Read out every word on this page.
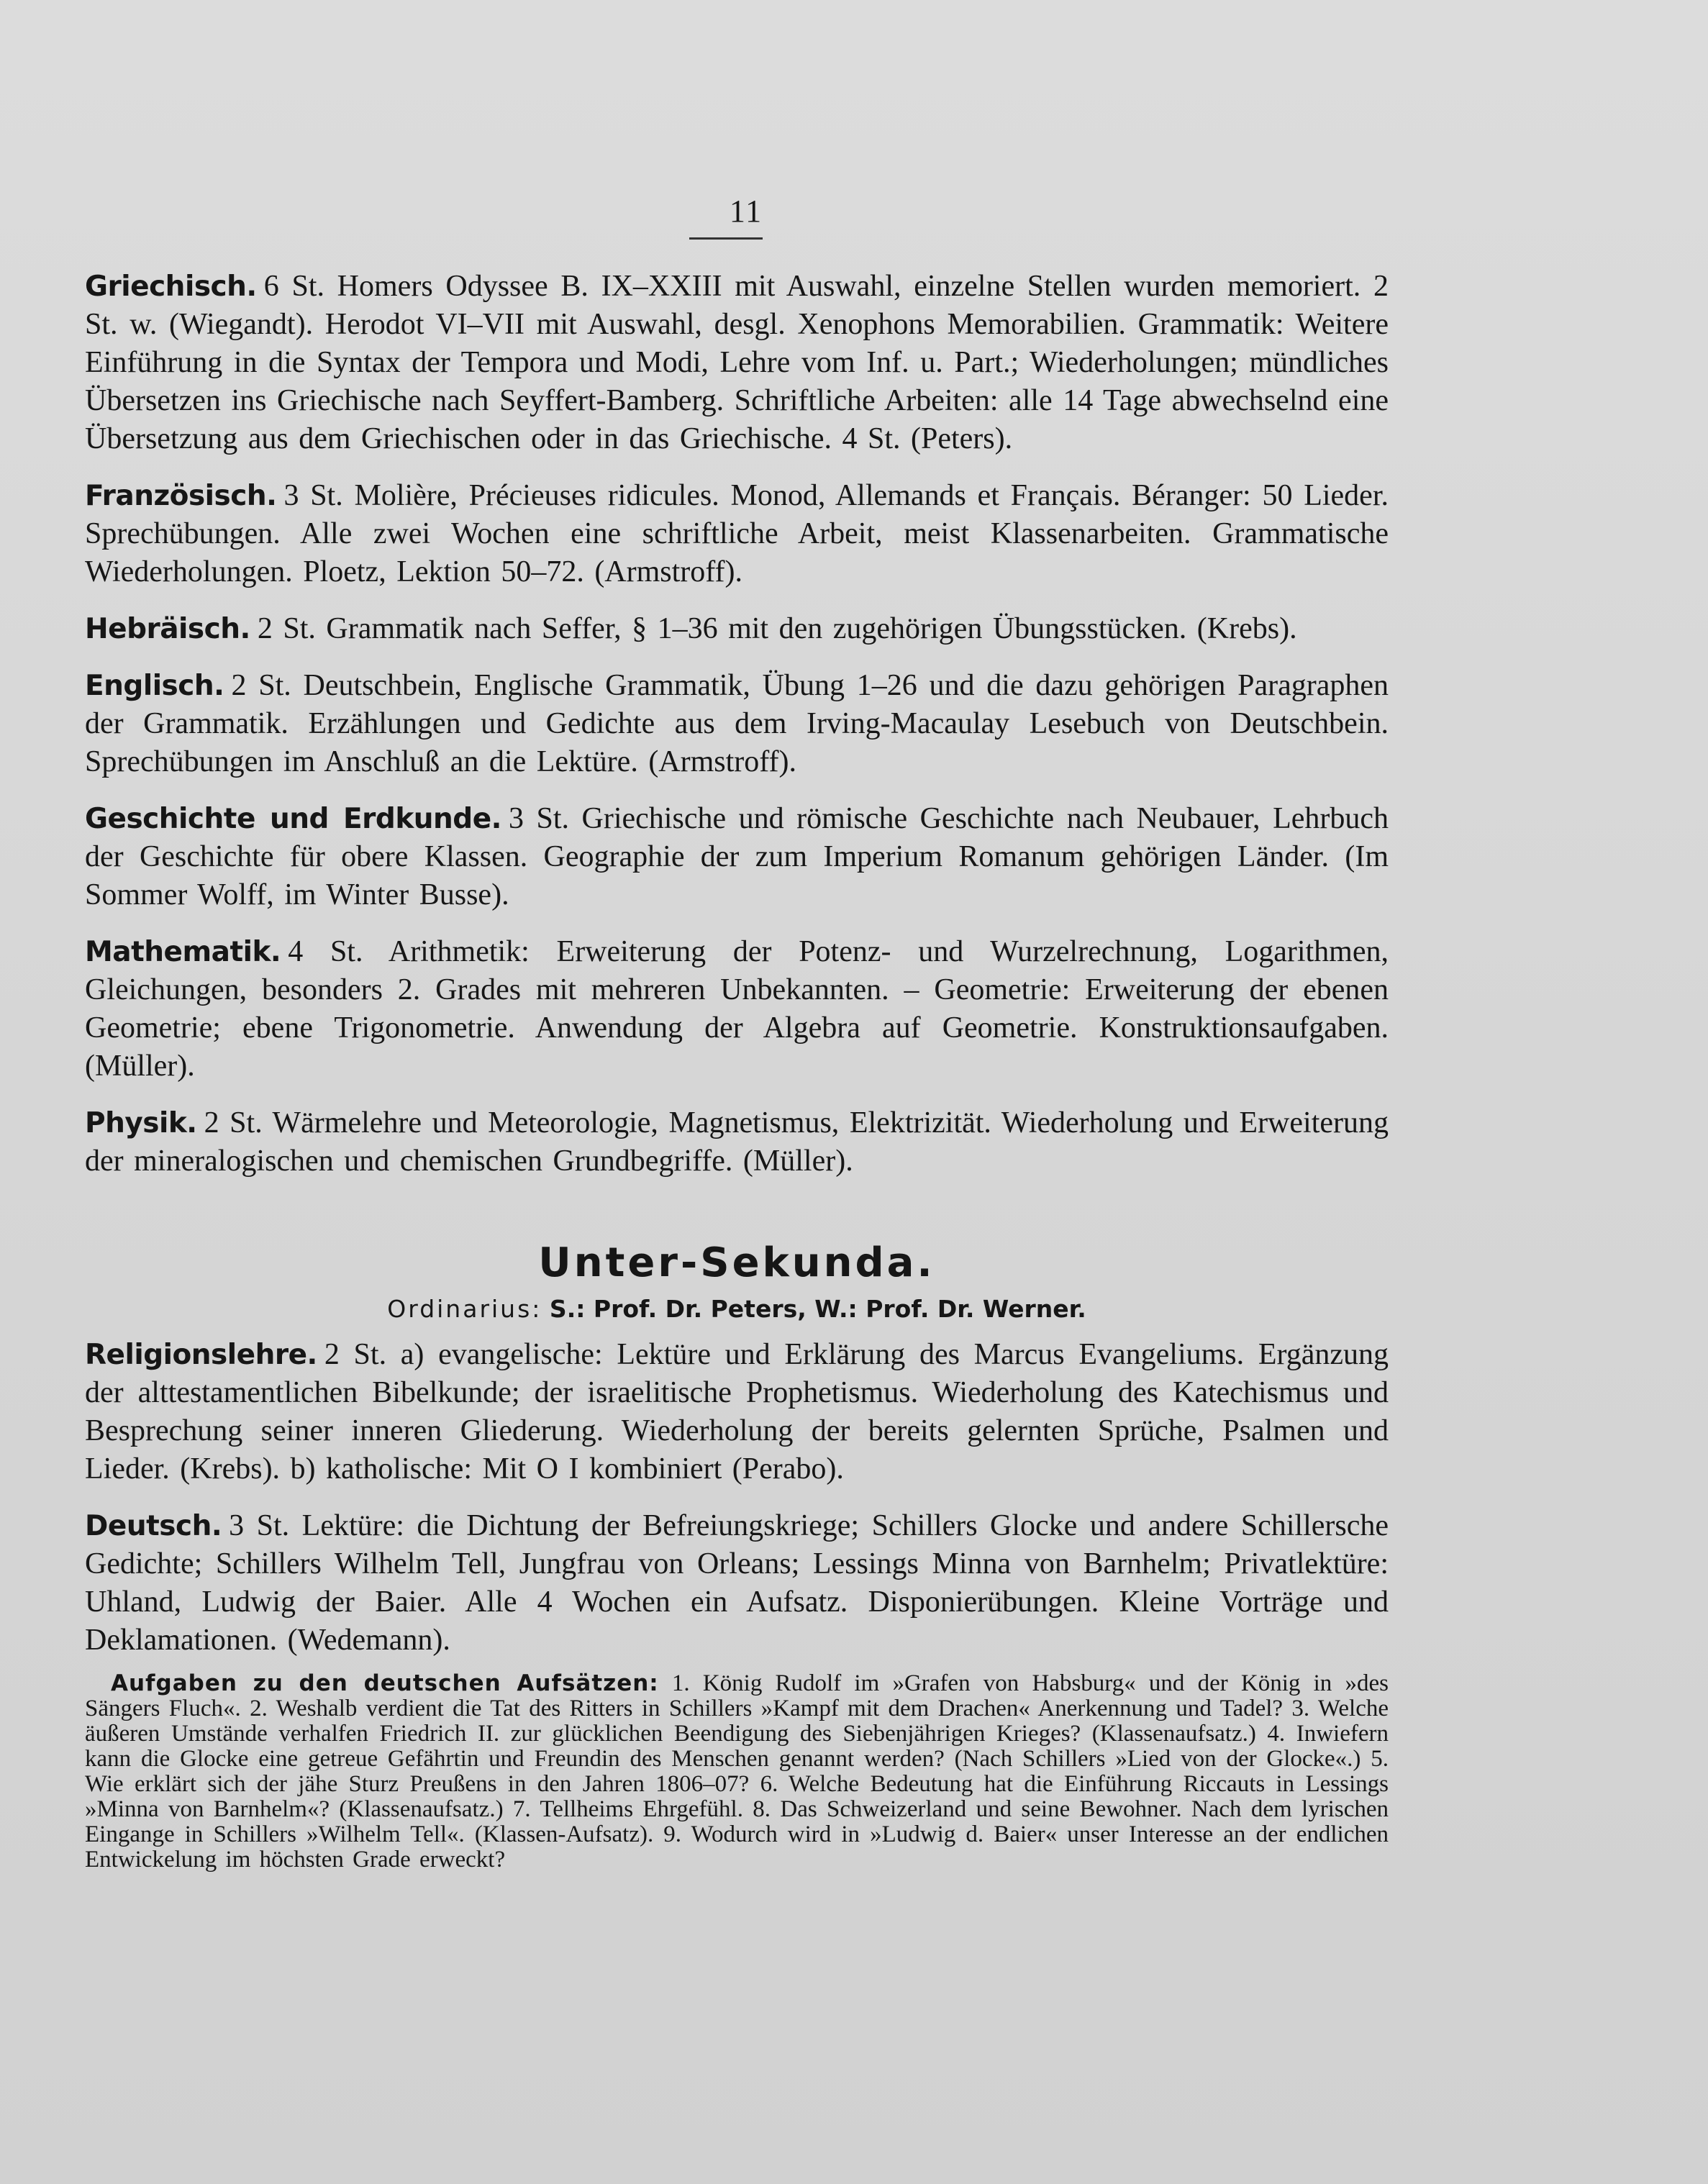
11

Griechisch. 6 St. Homers Odyssee B. IX–XXIII mit Auswahl, einzelne Stellen wurden memoriert. 2 St. w. (Wiegandt). Herodot VI–VII mit Auswahl, desgl. Xenophons Memorabilien. Grammatik: Weitere Einführung in die Syntax der Tempora und Modi, Lehre vom Inf. u. Part.; Wiederholungen; mündliches Übersetzen ins Griechische nach Seyffert-Bamberg. Schriftliche Arbeiten: alle 14 Tage abwechselnd eine Übersetzung aus dem Griechischen oder in das Griechische. 4 St. (Peters).

Französisch. 3 St. Molière, Précieuses ridicules. Monod, Allemands et Français. Béranger: 50 Lieder. Sprechübungen. Alle zwei Wochen eine schriftliche Arbeit, meist Klassenarbeiten. Grammatische Wiederholungen. Ploetz, Lektion 50–72. (Armstroff).

Hebräisch. 2 St. Grammatik nach Seffer, § 1–36 mit den zugehörigen Übungsstücken. (Krebs).

Englisch. 2 St. Deutschbein, Englische Grammatik, Übung 1–26 und die dazu gehörigen Paragraphen der Grammatik. Erzählungen und Gedichte aus dem Irving-Macaulay Lesebuch von Deutschbein. Sprechübungen im Anschluß an die Lektüre. (Armstroff).

Geschichte und Erdkunde. 3 St. Griechische und römische Geschichte nach Neubauer, Lehrbuch der Geschichte für obere Klassen. Geographie der zum Imperium Romanum gehörigen Länder. (Im Sommer Wolff, im Winter Busse).

Mathematik. 4 St. Arithmetik: Erweiterung der Potenz- und Wurzelrechnung, Logarithmen, Gleichungen, besonders 2. Grades mit mehreren Unbekannten. – Geometrie: Erweiterung der ebenen Geometrie; ebene Trigonometrie. Anwendung der Algebra auf Geometrie. Konstruktionsaufgaben. (Müller).

Physik. 2 St. Wärmelehre und Meteorologie, Magnetismus, Elektrizität. Wiederholung und Erweiterung der mineralogischen und chemischen Grundbegriffe. (Müller).

Unter-Sekunda.
Ordinarius: S.: Prof. Dr. Peters, W.: Prof. Dr. Werner.

Religionslehre. 2 St. a) evangelische: Lektüre und Erklärung des Marcus Evangeliums. Ergänzung der alttestamentlichen Bibelkunde; der israelitische Prophetismus. Wiederholung des Katechismus und Besprechung seiner inneren Gliederung. Wiederholung der bereits gelernten Sprüche, Psalmen und Lieder. (Krebs). b) katholische: Mit O I kombiniert (Perabo).

Deutsch. 3 St. Lektüre: die Dichtung der Befreiungskriege; Schillers Glocke und andere Schillersche Gedichte; Schillers Wilhelm Tell, Jungfrau von Orleans; Lessings Minna von Barnhelm; Privatlektüre: Uhland, Ludwig der Baier. Alle 4 Wochen ein Aufsatz. Disponierübungen. Kleine Vorträge und Deklamationen. (Wedemann).

Aufgaben zu den deutschen Aufsätzen: 1. König Rudolf im »Grafen von Habsburg« und der König in »des Sängers Fluch«. 2. Weshalb verdient die Tat des Ritters in Schillers »Kampf mit dem Drachen« Anerkennung und Tadel? 3. Welche äußeren Umstände verhalfen Friedrich II. zur glücklichen Beendigung des Siebenjährigen Krieges? (Klassenaufsatz.) 4. Inwiefern kann die Glocke eine getreue Gefährtin und Freundin des Menschen genannt werden? (Nach Schillers »Lied von der Glocke«.) 5. Wie erklärt sich der jähe Sturz Preußens in den Jahren 1806–07? 6. Welche Bedeutung hat die Einführung Riccauts in Lessings »Minna von Barnhelm«? (Klassenaufsatz.) 7. Tellheims Ehrgefühl. 8. Das Schweizerland und seine Bewohner. Nach dem lyrischen Eingange in Schillers »Wilhelm Tell«. (Klassen-Aufsatz). 9. Wodurch wird in »Ludwig d. Baier« unser Interesse an der endlichen Entwickelung im höchsten Grade erweckt?
